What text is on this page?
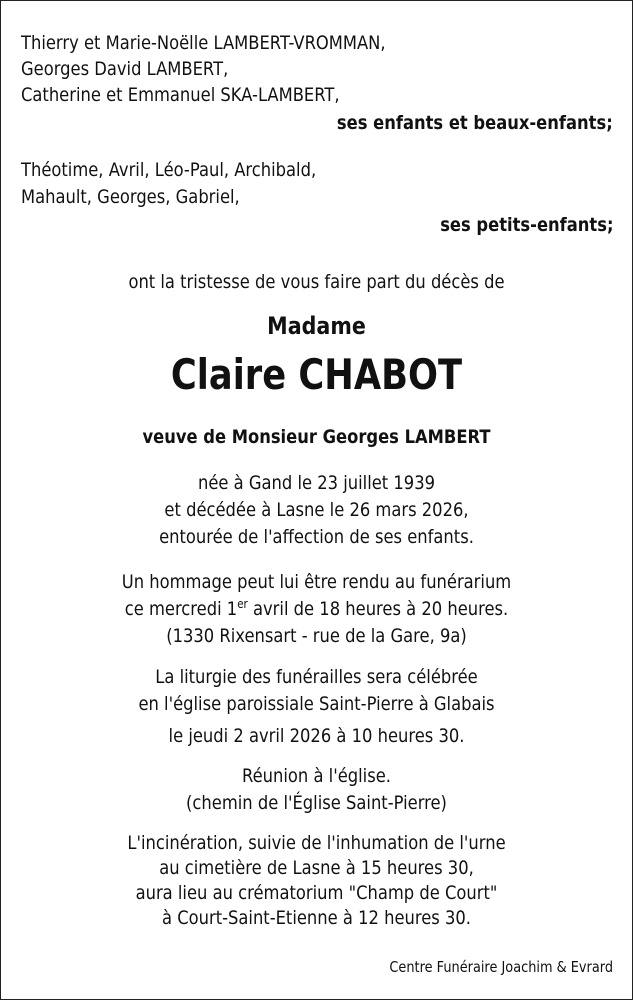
Thierry et Marie-Noëlle LAMBERT-VROMMAN,
Georges David LAMBERT,
Catherine et Emmanuel SKA-LAMBERT,
ses enfants et beaux-enfants;
Théotime, Avril, Léo-Paul, Archibald,
Mahault, Georges, Gabriel,
ses petits-enfants;
ont la tristesse de vous faire part du décès de
Madame
Claire CHABOT
veuve de Monsieur Georges LAMBERT
née à Gand le 23 juillet 1939
et décédée à Lasne le 26 mars 2026,
entourée de l'affection de ses enfants.
Un hommage peut lui être rendu au funérarium
ce mercredi 1er avril de 18 heures à 20 heures.
(1330 Rixensart - rue de la Gare, 9a)
La liturgie des funérailles sera célébrée
en l'église paroissiale Saint-Pierre à Glabais
le jeudi 2 avril 2026 à 10 heures 30.
Réunion à l'église.
(chemin de l'Église Saint-Pierre)
L'incinération, suivie de l'inhumation de l'urne
au cimetière de Lasne à 15 heures 30,
aura lieu au crématorium "Champ de Court"
à Court-Saint-Etienne à 12 heures 30.
Centre Funéraire Joachim & Evrard
